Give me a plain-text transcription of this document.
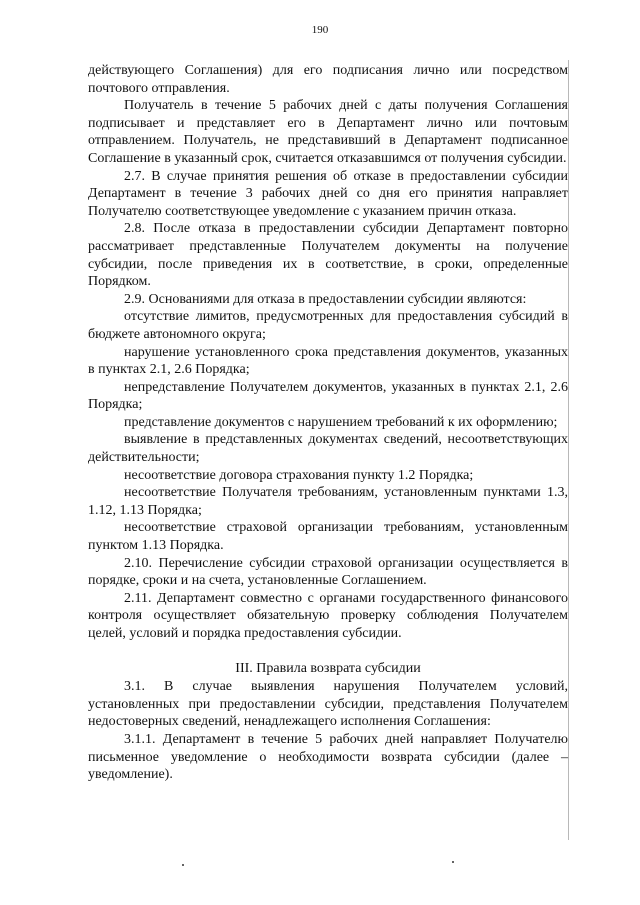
190

действующего Соглашения) для его подписания лично или посредством почтового отправления.

Получатель в течение 5 рабочих дней с даты получения Соглашения подписывает и представляет его в Департамент лично или почтовым отправлением. Получатель, не представивший в Департамент подписанное Соглашение в указанный срок, считается отказавшимся от получения субсидии.

2.7. В случае принятия решения об отказе в предоставлении субсидии Департамент в течение 3 рабочих дней со дня его принятия направляет Получателю соответствующее уведомление с указанием причин отказа.

2.8. После отказа в предоставлении субсидии Департамент повторно рассматривает представленные Получателем документы на получение субсидии, после приведения их в соответствие, в сроки, определенные Порядком.

2.9. Основаниями для отказа в предоставлении субсидии являются:

отсутствие лимитов, предусмотренных для предоставления субсидий в бюджете автономного округа;

нарушение установленного срока представления документов, указанных в пунктах 2.1, 2.6 Порядка;

непредставление Получателем документов, указанных в пунктах 2.1, 2.6 Порядка;

представление документов с нарушением требований к их оформлению;

выявление в представленных документах сведений, несоответствующих действительности;

несоответствие договора страхования пункту 1.2 Порядка;

несоответствие Получателя требованиям, установленным пунктами 1.3, 1.12, 1.13 Порядка;

несоответствие страховой организации требованиям, установленным пунктом 1.13 Порядка.

2.10. Перечисление субсидии страховой организации осуществляется в порядке, сроки и на счета, установленные Соглашением.

2.11. Департамент совместно с органами государственного финансового контроля осуществляет обязательную проверку соблюдения Получателем целей, условий и порядка предоставления субсидии.

III. Правила возврата субсидии

3.1. В случае выявления нарушения Получателем условий, установленных при предоставлении субсидии, представления Получателем недостоверных сведений, ненадлежащего исполнения Соглашения:

3.1.1. Департамент в течение 5 рабочих дней направляет Получателю письменное уведомление о необходимости возврата субсидии (далее – уведомление).
